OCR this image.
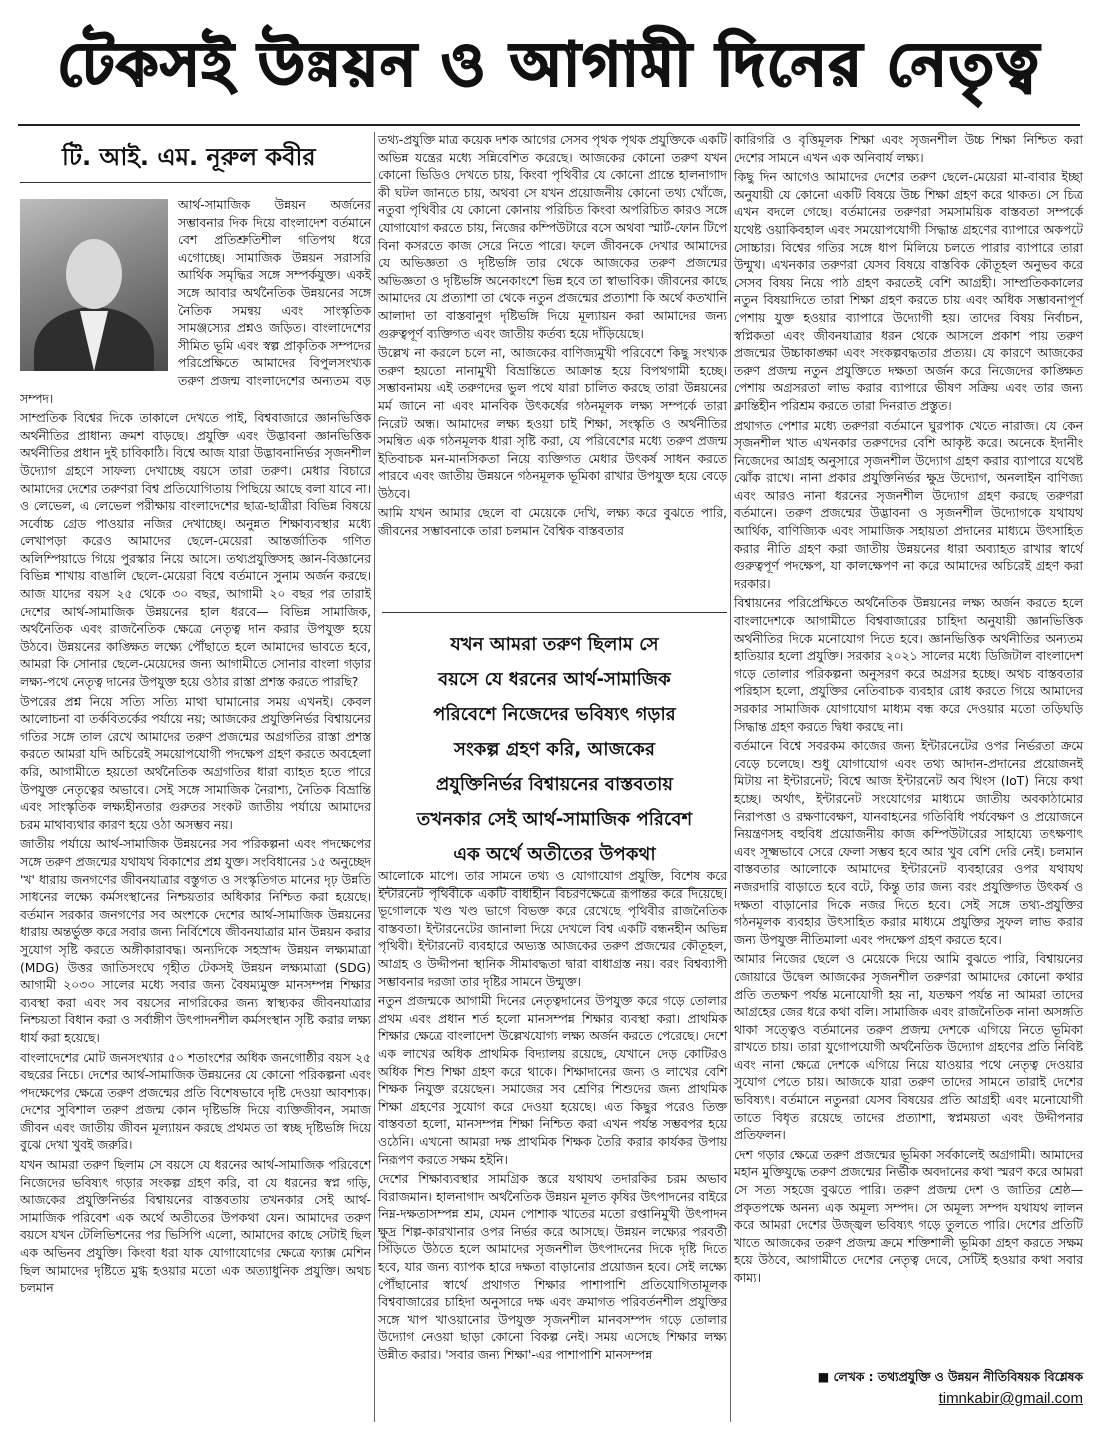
টেকসই উন্নয়ন ও আগামী দিনের নেতৃত্ব
টি. আই. এম. নূরুল কবীর

আর্থ-সামাজিক উন্নয়ন অর্জনের সম্ভাবনার দিক দিয়ে বাংলাদেশ বর্তমানে বেশ প্রতিশ্রুতিশীল গতিপথ ধরে এগোচ্ছে। সামাজিক উন্নয়ন সরাসরি আর্থিক সমৃদ্ধির সঙ্গে সম্পর্কযুক্ত। একই সঙ্গে আবার অর্থনৈতিক উন্নয়নের সঙ্গে নৈতিক সমন্বয় এবং সাংস্কৃতিক সামঞ্জস্যের প্রশ্নও জড়িত। বাংলাদেশের সীমিত ভূমি এবং স্বল্প প্রাকৃতিক সম্পদের পরিপ্রেক্ষিতে আমাদের বিপুলসংখ্যক তরুণ প্রজন্ম বাংলাদেশের অন্যতম বড় সম্পদ।

সাম্প্রতিক বিশ্বের দিকে তাকালে দেখতে পাই, বিশ্ববাজারে জ্ঞানভিত্তিক অর্থনীতির প্রাধান্য ক্রমশ বাড়ছে। প্রযুক্তি এবং উদ্ভাবনা জ্ঞানভিত্তিক অর্থনীতির প্রধান দুই চাবিকাঠি। বিশ্বে আজ যারা উদ্ভাবনানির্ভর সৃজনশীল উদ্যোগ গ্রহণে সাফল্য দেখাচ্ছে বয়সে তারা তরুণ। মেধার বিচারে আমাদের দেশের তরুণরা বিশ্ব প্রতিযোগিতায় পিছিয়ে আছে বলা যাবে না। ও লেভেল, এ লেভেল পরীক্ষায় বাংলাদেশের ছাত্র-ছাত্রীরা বিভিন্ন বিষয়ে সর্বোচ্চ গ্রেড পাওয়ার নজির দেখাচ্ছে। অনুন্নত শিক্ষাব্যবস্থার মধ্যে লেখাপড়া করেও আমাদের ছেলে-মেয়েরা আন্তর্জাতিক গণিত অলিম্পিয়াডে গিয়ে পুরস্কার নিয়ে আসে। তথ্যপ্রযুক্তিসহ জ্ঞান-বিজ্ঞানের বিভিন্ন শাখায় বাঙালি ছেলে-মেয়েরা বিশ্বে বর্তমানে সুনাম অর্জন করছে। আজ যাদের বয়স ২৫ থেকে ৩০ বছর, আগামী ২০ বছর পর তারাই দেশের আর্থ-সামাজিক উন্নয়নের হাল ধরবে— বিভিন্ন সামাজিক, অর্থনৈতিক এবং রাজনৈতিক ক্ষেত্রে নেতৃত্ব দান করার উপযুক্ত হয়ে উঠবে। উন্নয়নের কাঙ্ক্ষিত লক্ষ্যে পৌঁছাতে হলে আমাদের ভাবতে হবে, আমরা কি সোনার ছেলে-মেয়েদের জন্য আগামীতে সোনার বাংলা গড়ার লক্ষ্য-পথে নেতৃত্ব দানের উপযুক্ত হয়ে ওঠার রাস্তা প্রশস্ত করতে পারছি?

উপরের প্রশ্ন নিয়ে সত্যি সত্যি মাথা ঘামানোর সময় এখনই। কেবল আলোচনা বা তর্কবিতর্কের পর্যায়ে নয়; আজকের প্রযুক্তিনির্ভর বিশ্বায়নের গতির সঙ্গে তাল রেখে আমাদের তরুণ প্রজন্মের অগ্রগতির রাস্তা প্রশস্ত করতে আমরা যদি অচিরেই সময়োপযোগী পদক্ষেপ গ্রহণ করতে অবহেলা করি, আগামীতে হয়তো অর্থনৈতিক অগ্রগতির ধারা ব্যাহত হতে পারে উপযুক্ত নেতৃত্বের অভাবে। সেই সঙ্গে সামাজিক নৈরাশ্য, নৈতিক বিভ্রান্তি এবং সাংস্কৃতিক লক্ষ্যহীনতার গুরুতর সংকট জাতীয় পর্যায়ে আমাদের চরম মাথাব্যথার কারণ হয়ে ওঠা অসম্ভব নয়।

জাতীয় পর্যায়ে আর্থ-সামাজিক উন্নয়নের সব পরিকল্পনা এবং পদক্ষেপের সঙ্গে তরুণ প্রজন্মের যথাযথ বিকাশের প্রশ্ন যুক্ত। সংবিধানের ১৫ অনুচ্ছেদ 'খ' ধারায় জনগণের জীবনযাত্রার বস্তুগত ও সংস্কৃতিগত মানের দৃঢ় উন্নতি সাধনের লক্ষ্যে কর্মসংস্থানের নিশ্চয়তার অধিকার নিশ্চিত করা হয়েছে। বর্তমান সরকার জনগণের সব অংশকে দেশের আর্থ-সামাজিক উন্নয়নের ধারায় অন্তর্ভুক্ত করে সবার জন্য নির্বিশেষে জীবনযাত্রার মান উন্নয়ন করার সুযোগ সৃষ্টি করতে অঙ্গীকারাবদ্ধ। অন্যদিকে সহস্রাব্দ উন্নয়ন লক্ষ্যমাত্রা (MDG) উত্তর জাতিসংঘে গৃহীত টেকসই উন্নয়ন লক্ষ্যমাত্রা (SDG) আগামী ২০৩০ সালের মধ্যে সবার জন্য বৈষম্যমুক্ত মানসম্পন্ন শিক্ষার ব্যবস্থা করা এবং সব বয়সের নাগরিকের জন্য স্বাস্থ্যকর জীবনযাত্রার নিশ্চয়তা বিধান করা ও সর্বাঙ্গীণ উৎপাদনশীল কর্মসংস্থান সৃষ্টি করার লক্ষ্য ধার্য করা হয়েছে।

বাংলাদেশের মোট জনসংখ্যার ৫০ শতাংশের অধিক জনগোষ্ঠীর বয়স ২৫ বছরের নিচে। দেশের আর্থ-সামাজিক উন্নয়নের যে কোনো পরিকল্পনা এবং পদক্ষেপের ক্ষেত্রে তরুণ প্রজন্মের প্রতি বিশেষভাবে দৃষ্টি দেওয়া আবশ্যক। দেশের সুবিশাল তরুণ প্রজন্ম কোন দৃষ্টিভঙ্গি দিয়ে ব্যক্তিজীবন, সমাজ জীবন এবং জাতীয় জীবন মূল্যায়ন করছে প্রথমত তা স্বচ্ছ দৃষ্টিভঙ্গি দিয়ে বুঝে দেখা খুবই জরুরি।

যখন আমরা তরুণ ছিলাম সে বয়সে যে ধরনের আর্থ-সামাজিক পরিবেশে নিজেদের ভবিষ্যৎ গড়ার সংকল্প গ্রহণ করি, বা যে ধরনের স্বপ্ন গড়ি, আজকের প্রযুক্তিনির্ভর বিশ্বায়নের বাস্তবতায় তখনকার সেই আর্থ-সামাজিক পরিবেশ এক অর্থে অতীতের উপকথা যেন। আমাদের তরুণ বয়সে যখন টেলিভিশনের পর ভিসিপি এলো, আমাদের কাছে সেটাই ছিল এক অভিনব প্রযুক্তি। কিংবা ধরা যাক যোগাযোগের ক্ষেত্রে ফ্যাক্স মেশিন ছিল আমাদের দৃষ্টিতে মুগ্ধ হওয়ার মতো এক অত্যাধুনিক প্রযুক্তি। অথচ চলমান

তথ্য-প্রযুক্তি মাত্র কয়েক দশক আগের সেসব পৃথক পৃথক প্রযুক্তিকে একটি অভিন্ন যন্ত্রের মধ্যে সন্নিবেশিত করেছে। আজকের কোনো তরুণ যখন কোনো ভিডিও দেখতে চায়, কিংবা পৃথিবীর যে কোনো প্রান্তে হালনাগাদ কী ঘটল জানতে চায়, অথবা সে যখন প্রয়োজনীয় কোনো তথ্য খোঁজে, নতুবা পৃথিবীর যে কোনো কোনায় পরিচিত কিংবা অপরিচিত কারও সঙ্গে যোগাযোগ করতে চায়, নিজের কম্পিউটারে বসে অথবা স্মার্ট-ফোন টিপে বিনা কসরতে কাজ সেরে নিতে পারে। ফলে জীবনকে দেখার আমাদের যে অভিজ্ঞতা ও দৃষ্টিভঙ্গি তার থেকে আজকের তরুণ প্রজন্মের অভিজ্ঞতা ও দৃষ্টিভঙ্গি অনেকাংশে ভিন্ন হবে তা স্বাভাবিক। জীবনের কাছে আমাদের যে প্রত্যাশা তা থেকে নতুন প্রজন্মের প্রত্যাশা কি অর্থে কতখানি আলাদা তা বাস্তবানুগ দৃষ্টিভঙ্গি দিয়ে মূল্যায়ন করা আমাদের জন্য গুরুত্বপূর্ণ ব্যক্তিগত এবং জাতীয় কর্তব্য হয়ে দাঁড়িয়েছে।

উল্লেখ না করলে চলে না, আজকের বাণিজ্যমুখী পরিবেশে কিছু সংখ্যক তরুণ হয়তো নানামুখী বিভ্রান্তিতে আক্রান্ত হয়ে বিপথগামী হচ্ছে। সম্ভাবনাময় এই তরুণদের ভুল পথে যারা চালিত করছে তারা উন্নয়নের মর্ম জানে না এবং মানবিক উৎকর্ষের গঠনমূলক লক্ষ্য সম্পর্কে তারা নিরেট অন্ধ। আমাদের লক্ষ্য হওয়া চাই শিক্ষা, সংস্কৃতি ও অর্থনীতির সমন্বিত এক গঠনমূলক ধারা সৃষ্টি করা, যে পরিবেশের মধ্যে তরুণ প্রজন্ম ইতিবাচক মন-মানসিকতা নিয়ে ব্যক্তিগত মেধার উৎকর্ষ সাধন করতে পারবে এবং জাতীয় উন্নয়নে গঠনমূলক ভূমিকা রাখার উপযুক্ত হয়ে বেড়ে উঠবে।

আমি যখন আমার ছেলে বা মেয়েকে দেখি, লক্ষ্য করে বুঝতে পারি, জীবনের সম্ভাবনাকে তারা চলমান বৈশ্বিক বাস্তবতার

যখন আমরা তরুণ ছিলাম সে
বয়সে যে ধরনের আর্থ-সামাজিক
পরিবেশে নিজেদের ভবিষ্যৎ গড়ার
সংকল্প গ্রহণ করি, আজকের
প্রযুক্তিনির্ভর বিশ্বায়নের বাস্তবতায়
তখনকার সেই আর্থ-সামাজিক পরিবেশ
এক অর্থে অতীতের উপকথা

আলোকে মাপে। তার সামনে তথ্য ও যোগাযোগ প্রযুক্তি, বিশেষ করে ইন্টারনেট পৃথিবীকে একটি বাধাহীন বিচরণক্ষেত্রে রূপান্তর করে দিয়েছে। ভূগোলকে খণ্ড খণ্ড ভাগে বিভক্ত করে রেখেছে পৃথিবীর রাজনৈতিক বাস্তবতা। ইন্টারনেটের জানালা দিয়ে দেখলে বিশ্ব একটি বন্ধনহীন অভিন্ন পৃথিবী। ইন্টারনেট ব্যবহারে অভ্যস্ত আজকের তরুণ প্রজন্মের কৌতূহল, আগ্রহ ও উদ্দীপনা স্থানিক সীমাবদ্ধতা দ্বারা বাধাগ্রস্ত নয়। বরং বিশ্বব্যাপী সম্ভাবনার দরজা তার দৃষ্টির সামনে উন্মুক্ত।

নতুন প্রজন্মকে আগামী দিনের নেতৃত্বদানের উপযুক্ত করে গড়ে তোলার প্রথম এবং প্রধান শর্ত হলো মানসম্পন্ন শিক্ষার ব্যবস্থা করা। প্রাথমিক শিক্ষার ক্ষেত্রে বাংলাদেশ উল্লেখযোগ্য লক্ষ্য অর্জন করতে পেরেছে। দেশে এক লাখের অধিক প্রাথমিক বিদ্যালয় রয়েছে, যেখানে দেড় কোটিরও অধিক শিশু শিক্ষা গ্রহণ করে থাকে। শিক্ষাদানের জন্য ও লাখের বেশি শিক্ষক নিযুক্ত রয়েছেন। সমাজের সব শ্রেণির শিশুদের জন্য প্রাথমিক শিক্ষা গ্রহণের সুযোগ করে দেওয়া হয়েছে। এত কিছুর পরেও তিক্ত বাস্তবতা হলো, মানসম্পন্ন শিক্ষা নিশ্চিত করা এখন পর্যন্ত সম্ভবপর হয়ে ওঠেনি। এখনো আমরা দক্ষ প্রাথমিক শিক্ষক তৈরি করার কার্যকর উপায় নিরূপণ করতে সক্ষম হইনি।

দেশের শিক্ষাব্যবস্থার সামগ্রিক স্তরে যথাযথ তদারকির চরম অভাব বিরাজমান। হালনাগাদ অর্থনৈতিক উন্নয়ন মূলত কৃষির উৎপাদনের বাইরে নিম্ন-দক্ষতাসম্পন্ন শ্রম, যেমন পোশাক খাতের মতো রপ্তানিমুখী উৎপাদন ক্ষুদ্র শিল্প-কারখানার ওপর নির্ভর করে আসছে। উন্নয়ন লক্ষ্যের পরবর্তী সিঁড়িতে উঠতে হলে আমাদের সৃজনশীল উৎপাদনের দিকে দৃষ্টি দিতে হবে, যার জন্য ব্যাপক হারে দক্ষতা বাড়ানোর প্রয়োজন হবে। সেই লক্ষ্যে পৌঁছানোর স্বার্থে প্রথাগত শিক্ষার পাশাপাশি প্রতিযোগিতামূলক বিশ্ববাজারের চাহিদা অনুসারে দক্ষ এবং ক্রমাগত পরিবর্তনশীল প্রযুক্তির সঙ্গে খাপ খাওয়ানোর উপযুক্ত সৃজনশীল মানবসম্পদ গড়ে তোলার উদ্যোগ নেওয়া ছাড়া কোনো বিকল্প নেই। সময় এসেছে শিক্ষার লক্ষ্য উন্নীত করার। 'সবার জন্য শিক্ষা'-এর পাশাপাশি মানসম্পন্ন

কারিগরি ও বৃত্তিমূলক শিক্ষা এবং সৃজনশীল উচ্চ শিক্ষা নিশ্চিত করা দেশের সামনে এখন এক অনিবার্য লক্ষ্য।

কিছু দিন আগেও আমাদের দেশের তরুণ ছেলে-মেয়েরা মা-বাবার ইচ্ছা অনুযায়ী যে কোনো একটি বিষয়ে উচ্চ শিক্ষা গ্রহণ করে থাকত। সে চিত্র এখন বদলে গেছে। বর্তমানের তরুণরা সমসাময়িক বাস্তবতা সম্পর্কে যথেষ্ট ওয়াকিবহাল এবং সময়োপযোগী সিদ্ধান্ত গ্রহণের ব্যাপারে অকপটে সোচ্চার। বিশ্বের গতির সঙ্গে ধাপ মিলিয়ে চলতে পারার ব্যাপারে তারা উন্মুখ। এখনকার তরুণরা যেসব বিষয়ে বাস্তবিক কৌতূহল অনুভব করে সেসব বিষয় নিয়ে পাঠ গ্রহণ করতেই বেশি আগ্রহী। সাম্প্রতিককালের নতুন বিষয়াদিতে তারা শিক্ষা গ্রহণ করতে চায় এবং অধিক সম্ভাবনাপূর্ণ পেশায় যুক্ত হওয়ার ব্যাপারে উদ্যোগী হয়। তাদের বিষয় নির্বাচন, স্বপ্নিকতা এবং জীবনযাত্রার ধরন থেকে আসলে প্রকাশ পায় তরুণ প্রজন্মের উচ্চাকাঙ্ক্ষা এবং সংকল্পবদ্ধতার প্রত্যয়। যে কারণে আজকের তরুণ প্রজন্ম নতুন প্রযুক্তিতে দক্ষতা অর্জন করে নিজেদের কাঙ্ক্ষিত পেশায় অগ্রসরতা লাভ করার ব্যাপারে ভীষণ সক্রিয় এবং তার জন্য ক্লান্তিহীন পরিশ্রম করতে তারা দিনরাত প্রস্তুত।

প্রথাগত পেশার মধ্যে তরুণরা বর্তমানে ঘুরপাক খেতে নারাজ। যে কেন সৃজনশীল খাত এখনকার তরুণদের বেশি আকৃষ্ট করে। অনেকে ইদানীং নিজেদের আগ্রহ অনুসারে সৃজনশীল উদ্যোগ গ্রহণ করার ব্যাপারে যথেষ্ট ঝোঁক রাখে। নানা প্রকার প্রযুক্তিনির্ভর ক্ষুদ্র উদ্যোগ, অনলাইন বাণিজ্য এবং আরও নানা ধরনের সৃজনশীল উদ্যোগ গ্রহণ করছে তরুণরা বর্তমানে। তরুণ প্রজন্মের উদ্ভাবনা ও সৃজনশীল উদ্যোগকে যথাযথ আর্থিক, বাণিজ্যিক এবং সামাজিক সহায়তা প্রদানের মাধ্যমে উৎসাহিত করার নীতি গ্রহণ করা জাতীয় উন্নয়নের ধারা অব্যাহত রাখার স্বার্থে গুরুত্বপূর্ণ পদক্ষেপ, যা কালক্ষেপণ না করে আমাদের অচিরেই গ্রহণ করা দরকার।

বিশ্বায়নের পরিপ্রেক্ষিতে অর্থনৈতিক উন্নয়নের লক্ষ্য অর্জন করতে হলে বাংলাদেশকে আগামীতে বিশ্ববাজারের চাহিদা অনুযায়ী জ্ঞানভিত্তিক অর্থনীতির দিকে মনোযোগ দিতে হবে। জ্ঞানভিত্তিক অর্থনীতির অন্যতম হাতিয়ার হলো প্রযুক্তি। সরকার ২০২১ সালের মধ্যে ডিজিটাল বাংলাদেশ গড়ে তোলার পরিকল্পনা অনুসরণ করে অগ্রসর হচ্ছে। অথচ বাস্তবতার পরিহাস হলো, প্রযুক্তির নেতিবাচক ব্যবহার রোধ করতে গিয়ে আমাদের সরকার সামাজিক যোগাযোগ মাধ্যম বন্ধ করে দেওয়ার মতো তড়িঘড়ি সিদ্ধান্ত গ্রহণ করতে দ্বিধা করছে না।

বর্তমানে বিশ্বে সবরকম কাজের জন্য ইন্টারনেটের ওপর নির্ভরতা ক্রমে বেড়ে চলেছে। শুধু যোগাযোগ এবং তথ্য আদান-প্রদানের প্রয়োজনই মিটায় না ইন্টারনেট; বিশ্বে আজ ইন্টারনেট অব থিংস (IoT) নিয়ে কথা হচ্ছে। অর্থাৎ, ইন্টারনেট সংযোগের মাধ্যমে জাতীয় অবকাঠামোর নিরাপত্তা ও রক্ষণাবেক্ষণ, যানবাহনের গতিবিধি পর্যবেক্ষণ ও প্রয়োজনে নিয়ন্ত্রণসহ বহুবিধ প্রয়োজনীয় কাজ কম্পিউটারের সাহায্যে তৎক্ষণাৎ এবং সূক্ষ্মভাবে সেরে ফেলা সম্ভব হবে আর খুব বেশি দেরি নেই। চলমান বাস্তবতার আলোকে আমাদের ইন্টারনেট ব্যবহারের ওপর যথাযথ নজরদারি বাড়াতে হবে বটে, কিন্তু তার জন্য বরং প্রযুক্তিগত উৎকর্ষ ও দক্ষতা বাড়ানোর দিকে নজর দিতে হবে। সেই সঙ্গে তথ্য-প্রযুক্তির গঠনমূলক ব্যবহার উৎসাহিত করার মাধ্যমে প্রযুক্তির সুফল লাভ করার জন্য উপযুক্ত নীতিমালা এবং পদক্ষেপ গ্রহণ করতে হবে।

আমার নিজের ছেলে ও মেয়েকে দিয়ে আমি বুঝতে পারি, বিশ্বায়নের জোয়ারে উদ্বেল আজকের সৃজনশীল তরুণরা আমাদের কোনো কথার প্রতি ততক্ষণ পর্যন্ত মনোযোগী হয় না, যতক্ষণ পর্যন্ত না আমরা তাদের আগ্রহের জের ধরে কথা বলি। সামাজিক এবং রাজনৈতিক নানা অসঙ্গতি থাকা সত্ত্বেও বর্তমানের তরুণ প্রজন্ম দেশকে এগিয়ে নিতে ভূমিকা রাখতে চায়। তারা যুগোপযোগী অর্থনৈতিক উদ্যোগ গ্রহণের প্রতি নিবিষ্ট এবং নানা ক্ষেত্রে দেশকে এগিয়ে নিয়ে যাওয়ার পথে নেতৃত্ব দেওয়ার সুযোগ পেতে চায়। আজকে যারা তরুণ তাদের সামনে তারাই দেশের ভবিষ্যৎ। বর্তমানে নতুনরা যেসব বিষয়ের প্রতি আগ্রহী এবং মনোযোগী তাতে বিধৃত রয়েছে তাদের প্রত্যাশা, স্বপ্নময়তা এবং উদ্দীপনার প্রতিফলন।

দেশ গড়ার ক্ষেত্রে তরুণ প্রজন্মের ভূমিকা সর্বকালেই অগ্রগামী। আমাদের মহান মুক্তিযুদ্ধে তরুণ প্রজন্মের নির্ভীক অবদানের কথা স্মরণ করে আমরা সে সত্য সহজে বুঝতে পারি। তরুণ প্রজন্ম দেশ ও জাতির শ্রেষ্ঠ— প্রকৃতপক্ষে অনন্য এক অমূল্য সম্পদ। সে অমূল্য সম্পদ যথাযথ লালন করে আমরা দেশের উজ্জ্বল ভবিষ্যৎ গড়ে তুলতে পারি। দেশের প্রতিটি খাতে আজকের তরুণ প্রজন্ম ক্রমে শক্তিশালী ভূমিকা গ্রহণ করতে সক্ষম হয়ে উঠবে, আগামীতে দেশের নেতৃত্ব দেবে, সেটিই হওয়ার কথা সবার কাম্য।

■ লেখক : তথ্যপ্রযুক্তি ও উন্নয়ন নীতিবিষয়ক বিশ্লেষক
timnkabir@gmail.com
